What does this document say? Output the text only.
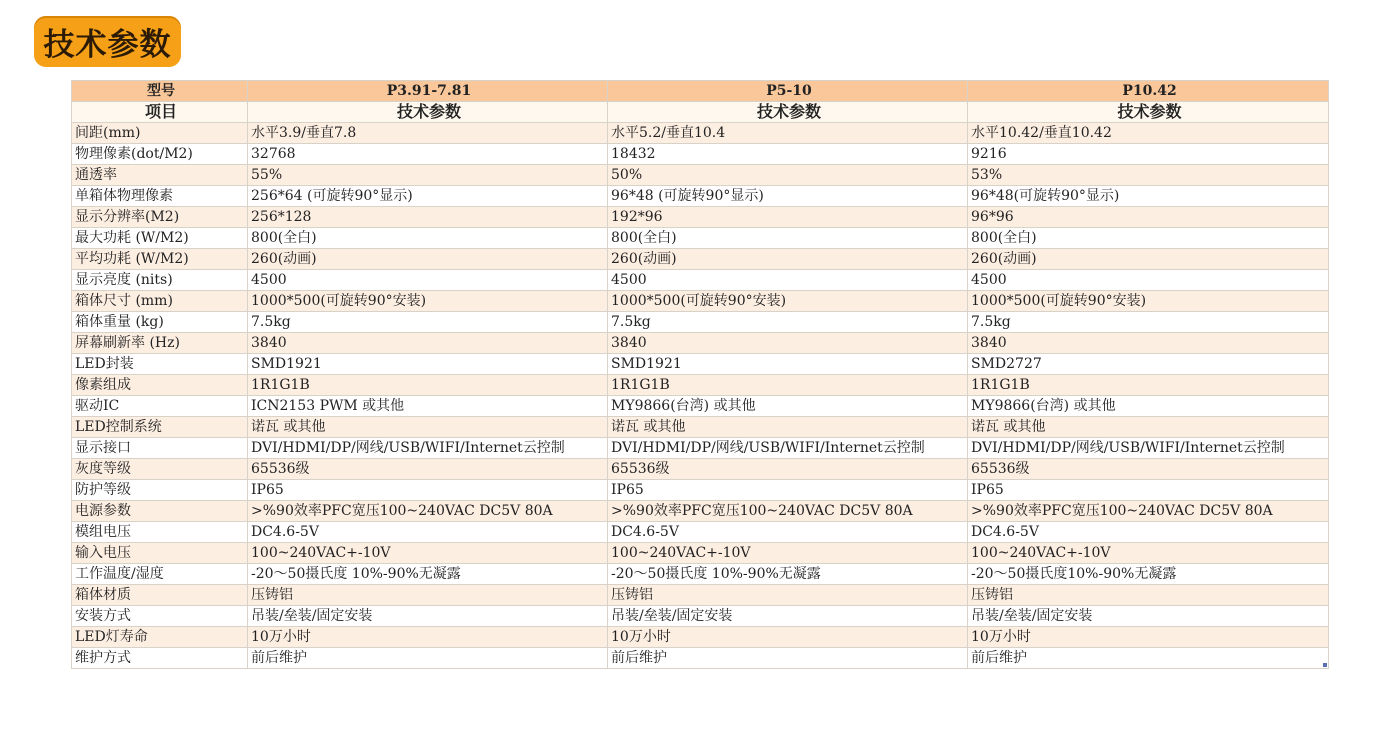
技术参数
型号	P3.91-7.81	P5-10	P10.42
项目	技术参数	技术参数	技术参数
间距(mm)	水平3.9/垂直7.8	水平5.2/垂直10.4	水平10.42/垂直10.42
物理像素(dot/M2)	32768	18432	9216
通透率	55%	50%	53%
单箱体物理像素	256*64 (可旋转90°显示)	96*48 (可旋转90°显示)	96*48(可旋转90°显示)
显示分辨率(M2)	256*128	192*96	96*96
最大功耗 (W/M2)	800(全白)	800(全白)	800(全白)
平均功耗 (W/M2)	260(动画)	260(动画)	260(动画)
显示亮度 (nits)	4500	4500	4500
箱体尺寸 (mm)	1000*500(可旋转90°安装)	1000*500(可旋转90°安装)	1000*500(可旋转90°安装)
箱体重量 (kg)	7.5kg	7.5kg	7.5kg
屏幕刷新率 (Hz)	3840	3840	3840
LED封装	SMD1921	SMD1921	SMD2727
像素组成	1R1G1B	1R1G1B	1R1G1B
驱动IC	ICN2153 PWM 或其他	MY9866(台湾) 或其他	MY9866(台湾) 或其他
LED控制系统	诺瓦 或其他	诺瓦 或其他	诺瓦 或其他
显示接口	DVI/HDMI/DP/网线/USB/WIFI/Internet云控制	DVI/HDMI/DP/网线/USB/WIFI/Internet云控制	DVI/HDMI/DP/网线/USB/WIFI/Internet云控制
灰度等级	65536级	65536级	65536级
防护等级	IP65	IP65	IP65
电源参数	>%90效率PFC宽压100~240VAC DC5V 80A	>%90效率PFC宽压100~240VAC DC5V 80A	>%90效率PFC宽压100~240VAC DC5V 80A
模组电压	DC4.6-5V	DC4.6-5V	DC4.6-5V
输入电压	100~240VAC+-10V	100~240VAC+-10V	100~240VAC+-10V
工作温度/湿度	-20～50摄氏度 10%-90%无凝露	-20～50摄氏度 10%-90%无凝露	-20～50摄氏度10%-90%无凝露
箱体材质	压铸铝	压铸铝	压铸铝
安装方式	吊装/垒装/固定安装	吊装/垒装/固定安装	吊装/垒装/固定安装
LED灯寿命	10万小时	10万小时	10万小时
维护方式	前后维护	前后维护	前后维护
